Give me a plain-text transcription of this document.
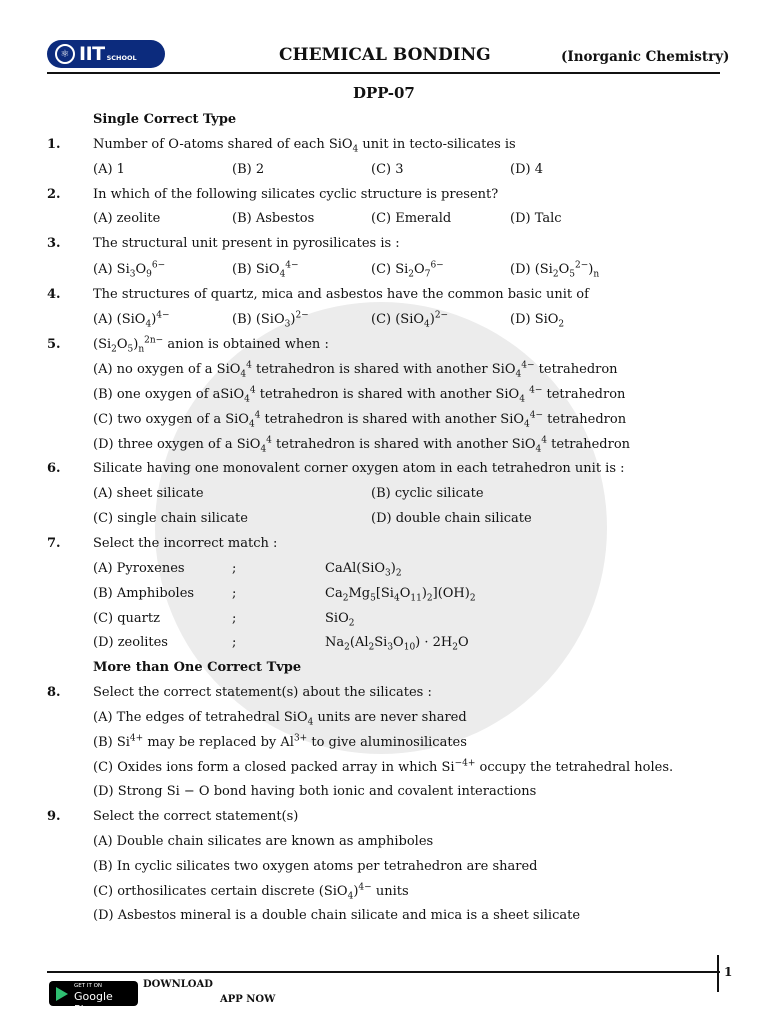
⚛ IIT SCHOOL	CHEMICAL BONDING	(Inorganic Chemistry)
DPP-07
Single Correct Type
1. Number of O-atoms shared of each SiO$_4$ unit in tecto-silicates is
(A) 1	(B) 2	(C) 3	(D) 4
2. In which of the following silicates cyclic structure is present?
(A) zeolite	(B) Asbestos	(C) Emerald	(D) Talc
3. The structural unit present in pyrosilicates is :
(A) $Si_3O_9^{6-}$	(B) SiO$_4^{4-}$	(C) $Si_2O_7^{6-}$	(D) $(Si_2O_5^{2-})_n$
4. The structures of quartz, mica and asbestos have the common basic unit of
(A) $(SiO_4)^{4-}$	(B) $(SiO_3)^{2-}$	(C) $(SiO_4)^{2-}$	(D) SiO$_2$
5. $(Si_2O_5)_n^{2n-}$ anion is obtained when :
(A) no oxygen of a SiO$_4^4$ tetrahedron is shared with another SiO$_4^{4-}$ tetrahedron
(B) one oxygen of aSiO$_4^4$ tetrahedron is shared with another SiO$_4$ $^{4-}$ tetrahedron
(C) two oxygen of a SiO$_4^4$ tetrahedron is shared with another SiO$_4^{4-}$ tetrahedron
(D) three oxygen of a SiO$_4^4$ tetrahedron is shared with another SiO$_4^4$ tetrahedron
6. Silicate having one monovalent corner oxygen atom in each tetrahedron unit is :
(A) sheet silicate	(B) cyclic silicate
(C) single chain silicate	(D) double chain silicate
7. Select the incorrect match :
(A) Pyroxenes	;	$CaAl(SiO_3)_2$
(B) Amphiboles	;	$Ca_2Mg_5[Si_4O_{11})_2](OH)_2$
(C) quartz	;	SiO$_2$
(D) zeolites	;	$Na_2(Al_2Si_3O_{10}) \cdot 2H_2O$
More than One Correct Tvpe
8. Select the correct statement(s) about the silicates :
(A) The edges of tetrahedral SiO$_4$ units are never shared
(B) $Si^{4+}$ may be replaced by $Al^{3+}$ to give aluminosilicates
(C) Oxides ions form a closed packed array in which $Si^{-4+}$ occupy the tetrahedral holes.
(D) Strong Si − O bond having both ionic and covalent interactions
9. Select the correct statement(s)
(A) Double chain silicates are known as amphiboles
(B) In cyclic silicates two oxygen atoms per tetrahedron are shared
(C) orthosilicates certain discrete $(SiO_4)^{4-}$ units
(D) Asbestos mineral is a double chain silicate and mica is a sheet silicate
1
GET IT ON
Google Play
DOWNLOAD
APP NOW
